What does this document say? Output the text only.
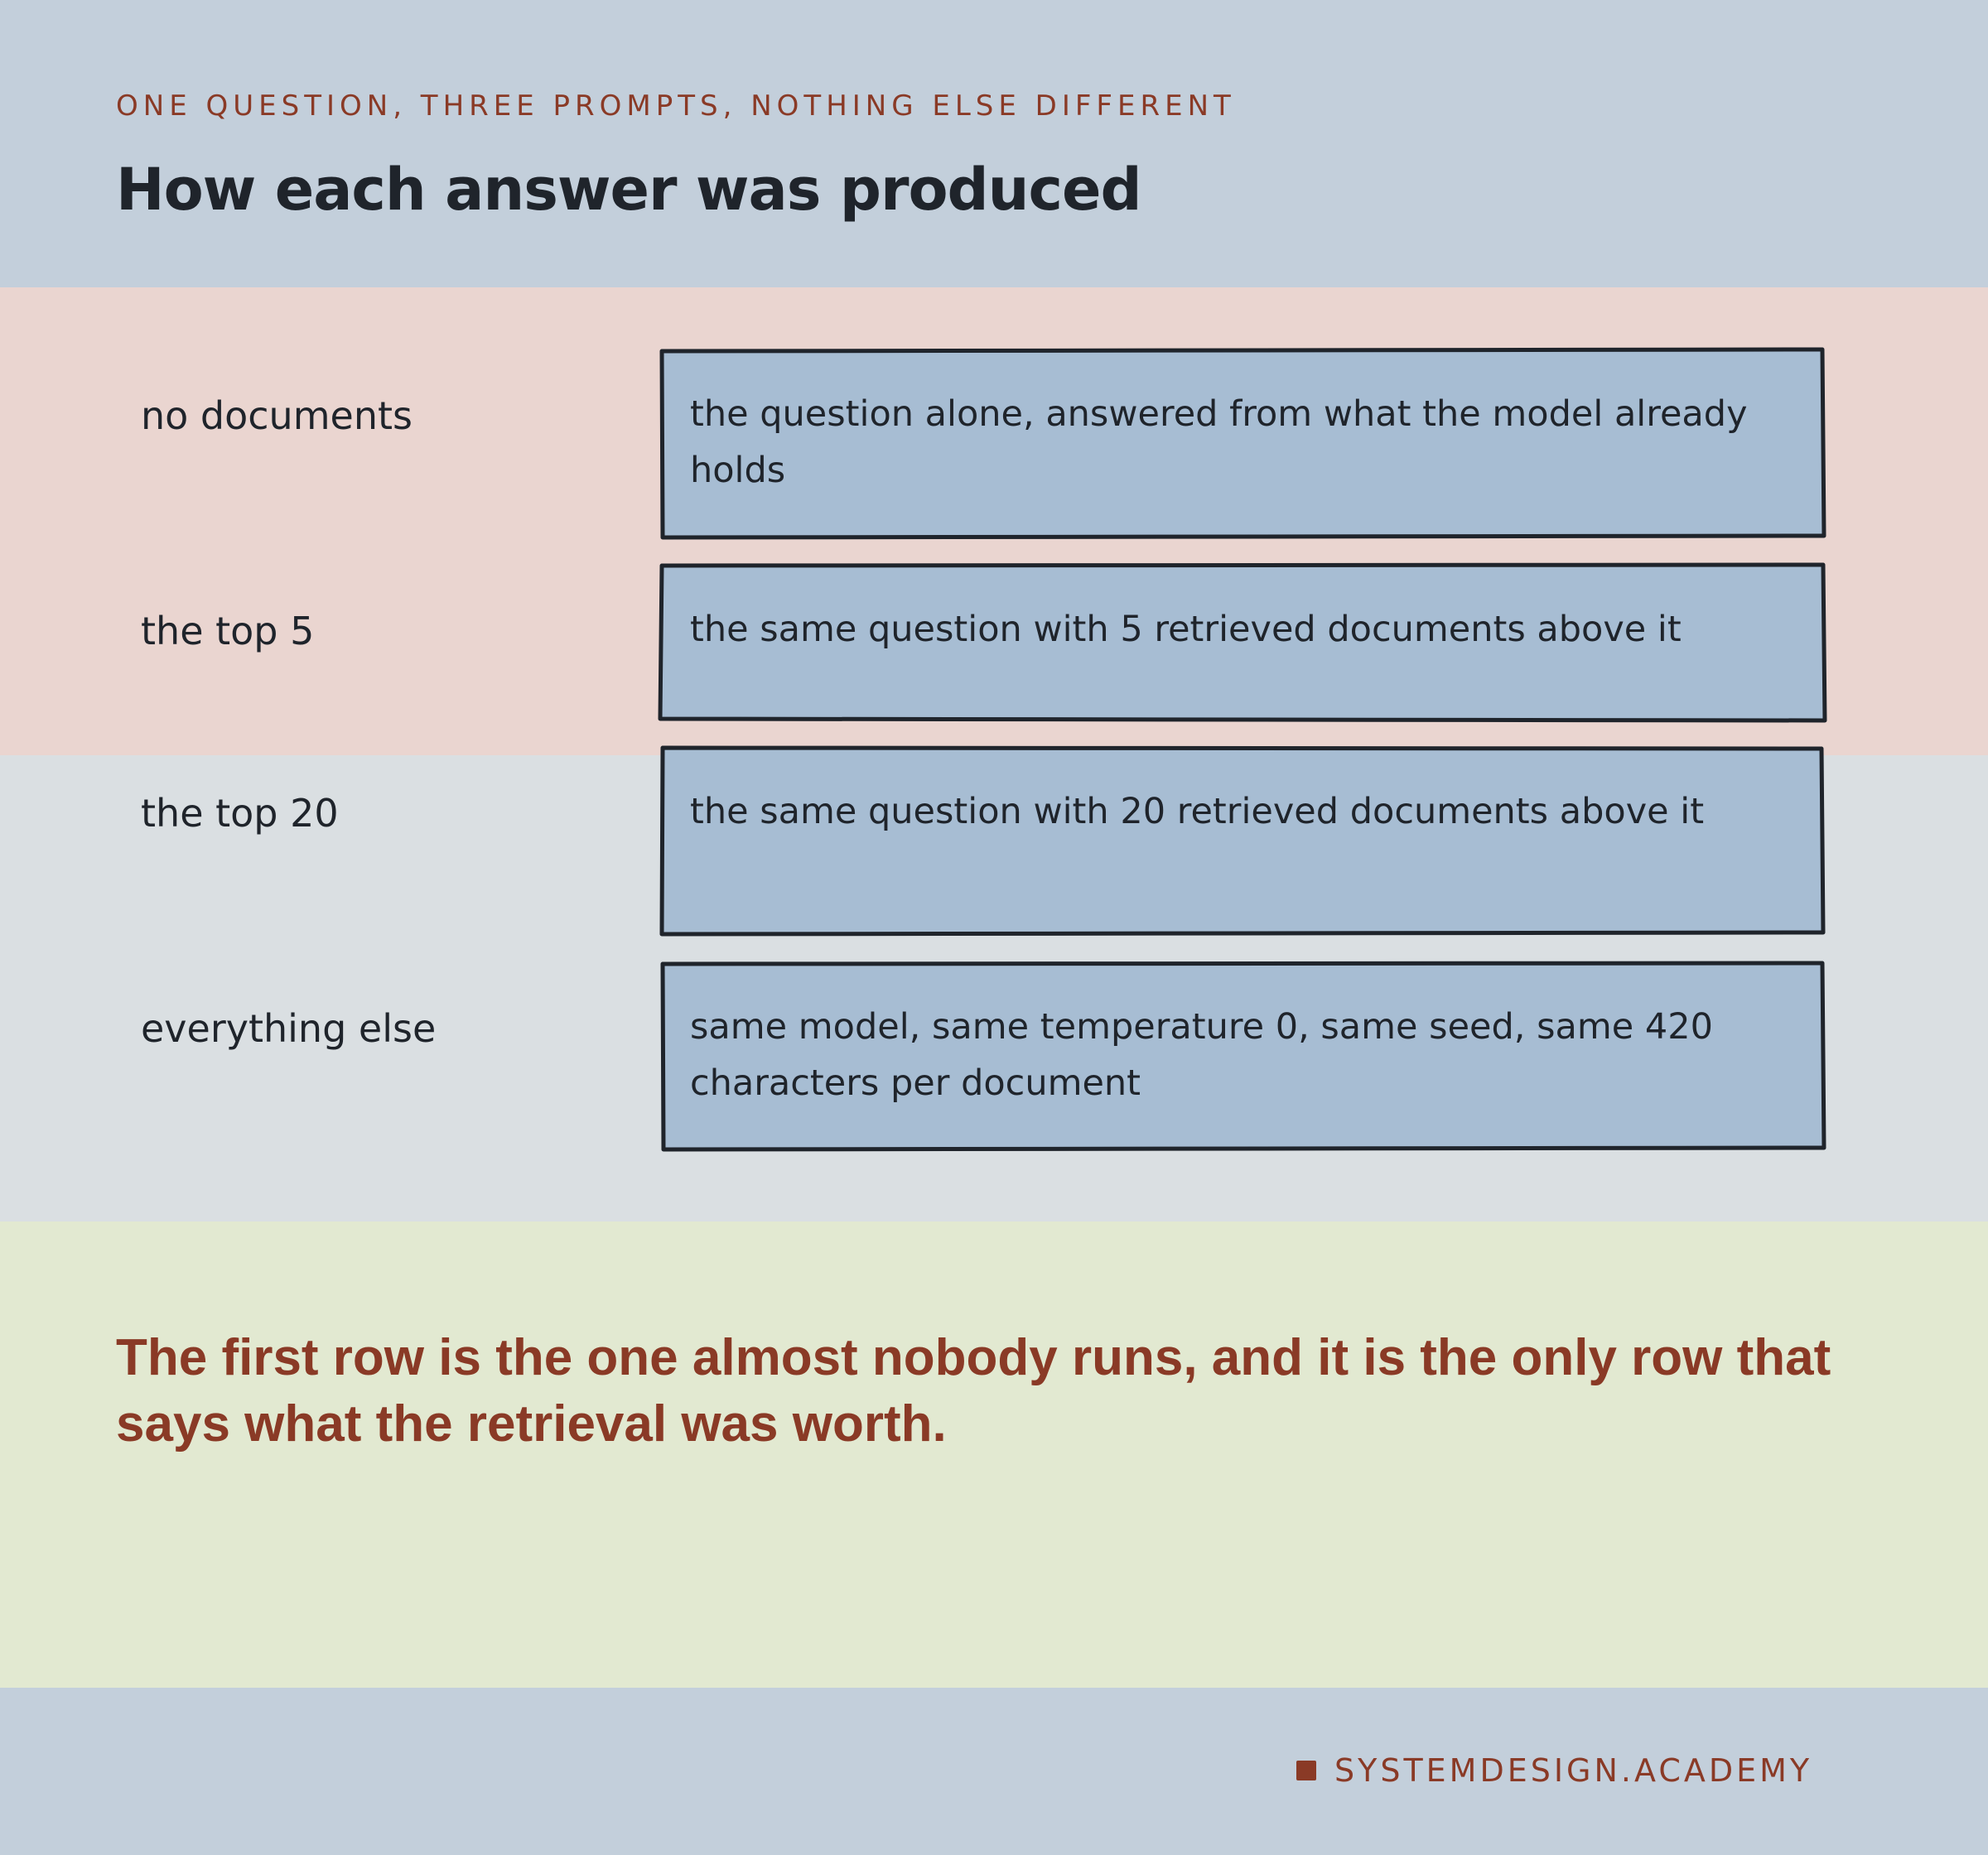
ONE QUESTION, THREE PROMPTS, NOTHING ELSE DIFFERENT
How each answer was produced
no documents	the question alone, answered from what the model already holds
the top 5	the same question with 5 retrieved documents above it
the top 20	the same question with 20 retrieved documents above it
everything else	same model, same temperature 0, same seed, same 420 characters per document
The first row is the one almost nobody runs, and it is the only row that says what the retrieval was worth.
SYSTEMDESIGN.ACADEMY
